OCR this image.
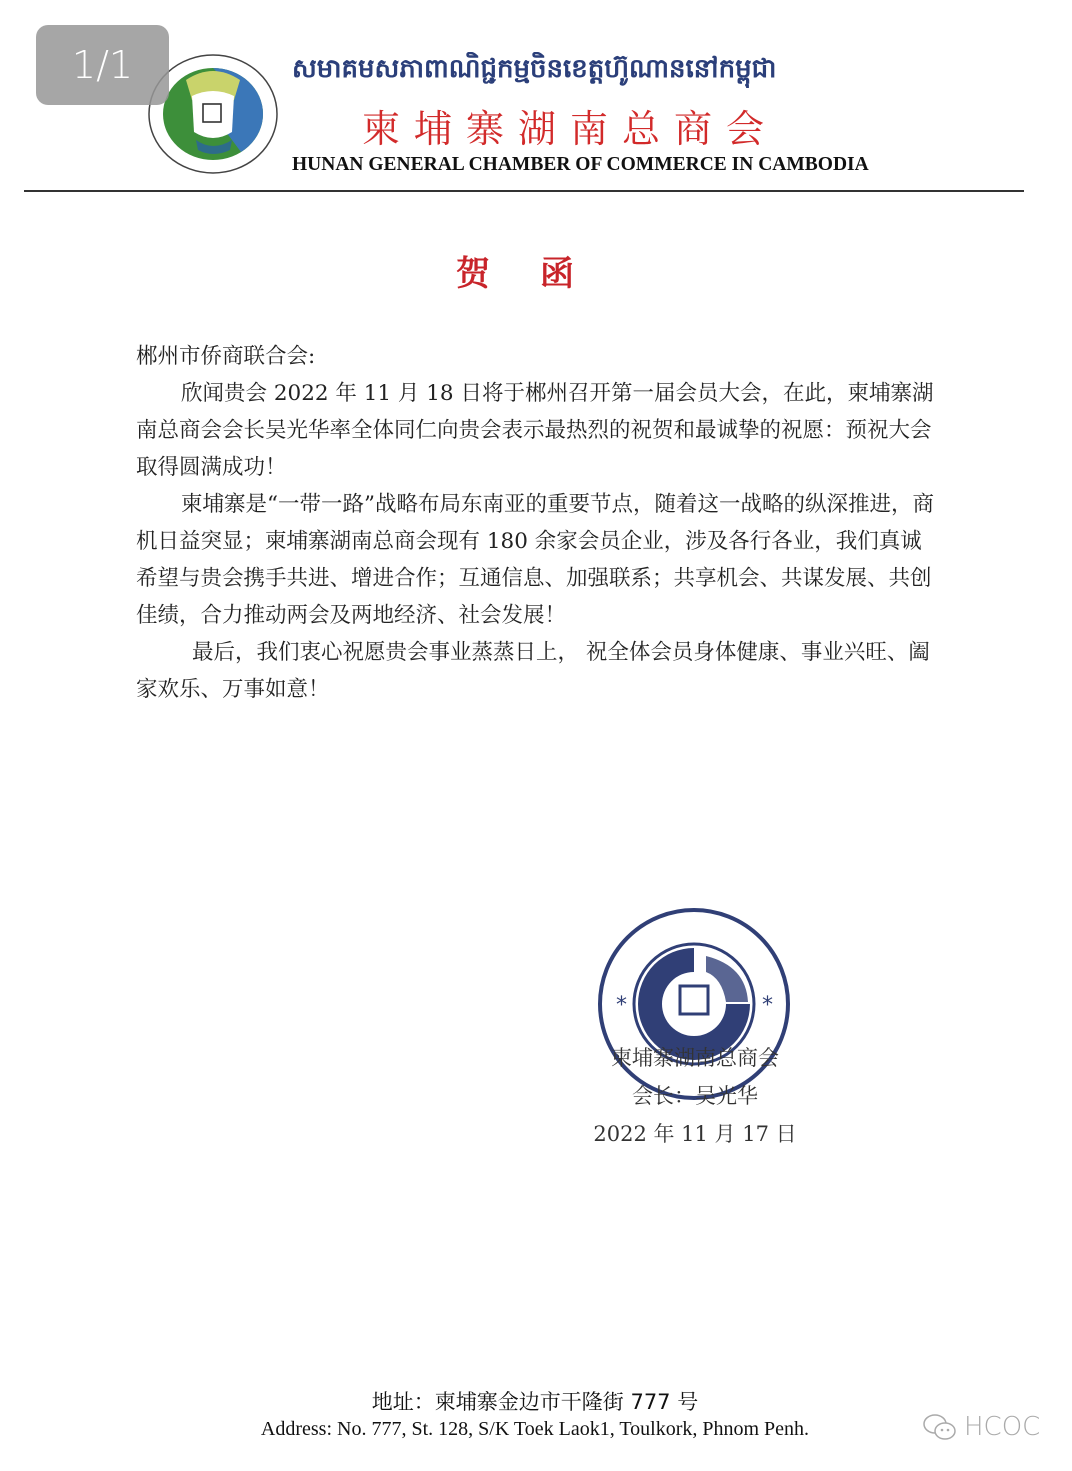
1/1	សមាគមសភាពាណិជ្ជកម្មចិនខេត្តហ៊ូណាននៅកម្ពុជា
柬埔寨湖南总商会
HUNAN GENERAL CHAMBER OF COMMERCE IN CAMBODIA
贺函

郴州市侨商联合会:

欣闻贵会 2022 年 11 月 18 日将于郴州召开第一届会员大会，在此，柬埔寨湖南总商会会长吴光华率全体同仁向贵会表示最热烈的祝贺和最诚挚的祝愿：预祝大会取得圆满成功！

柬埔寨是“一带一路”战略布局东南亚的重要节点，随着这一战略的纵深推进，商机日益突显；柬埔寨湖南总商会现有 180 余家会员企业，涉及各行各业，我们真诚希望与贵会携手共进、增进合作；互通信息、加强联系；共享机会、共谋发展、共创佳绩，合力推动两会及两地经济、社会发展！

最后，我们衷心祝愿贵会事业蒸蒸日上， 祝全体会员身体健康、事业兴旺、阖家欢乐、万事如意！

*	*
柬埔寨湖南总商会
会长：吴光华
2022 年 11 月 17 日
地址：柬埔寨金边市干隆街 777 号
Address: No. 777, St. 128, S/K Toek Laok1, Toulkork, Phnom Penh.	HCOC
